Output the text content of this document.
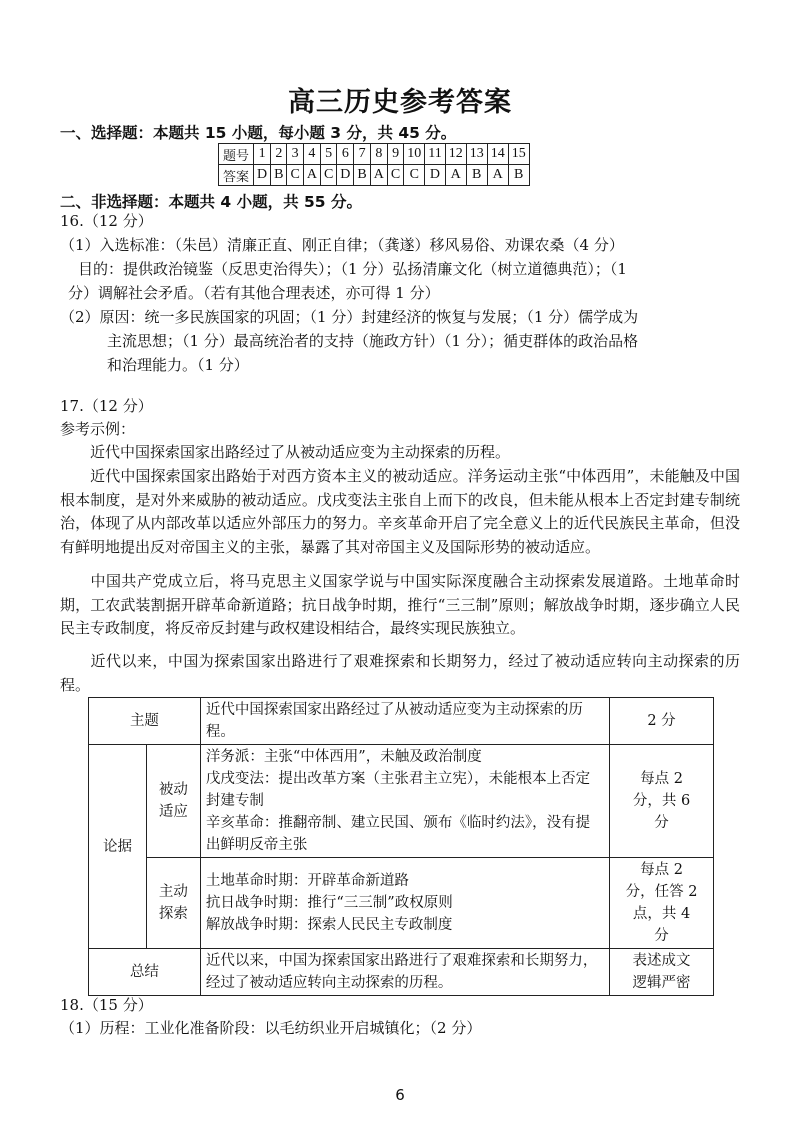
高三历史参考答案
一、选择题：本题共 15 小题，每小题 3 分，共 45 分。
题号	1	2	3	4	5	6	7	8	9	10	11	12	13	14	15
答案	D	B	C	A	C	D	B	A	C	C	D	A	B	A	B
二、非选择题：本题共 4 小题，共 55 分。
16.（12 分）
（1）入选标准：（朱邑）清廉正直、刚正自律；（龚遂）移风易俗、劝课农桑（4 分）
目的：提供政治镜鉴（反思吏治得失）；（1 分）弘扬清廉文化（树立道德典范）；（1
分）调解社会矛盾。（若有其他合理表述，亦可得 1 分）
（2）原因：统一多民族国家的巩固；（1 分）封建经济的恢复与发展；（1 分）儒学成为
主流思想；（1 分）最高统治者的支持（施政方针）（1 分）；循吏群体的政治品格
和治理能力。（1 分）
17.（12 分）
参考示例：
近代中国探索国家出路经过了从被动适应变为主动探索的历程。
近代中国探索国家出路始于对西方资本主义的被动适应。洋务运动主张“中体西用”，未能触及中国根本制度，是对外来威胁的被动适应。戊戌变法主张自上而下的改良，但未能从根本上否定封建专制统治，体现了从内部改革以适应外部压力的努力。辛亥革命开启了完全意义上的近代民族民主革命，但没有鲜明地提出反对帝国主义的主张，暴露了其对帝国主义及国际形势的被动适应。
中国共产党成立后，将马克思主义国家学说与中国实际深度融合主动探索发展道路。土地革命时期，工农武装割据开辟革命新道路；抗日战争时期，推行“三三制”原则；解放战争时期，逐步确立人民民主专政制度，将反帝反封建与政权建设相结合，最终实现民族独立。
近代以来，中国为探索国家出路进行了艰难探索和长期努力，经过了被动适应转向主动探索的历程。
主题		近代中国探索国家出路经过了从被动适应变为主动探索的历程。	2 分
论据	被动适应	洋务派：主张“中体西用”，未触及政治制度
戊戌变法：提出改革方案（主张君主立宪），未能根本上否定封建专制
辛亥革命：推翻帝制、建立民国、颁布《临时约法》，没有提出鲜明反帝主张	每点 2 分，共 6 分
	主动探索	土地革命时期：开辟革命新道路
抗日战争时期：推行“三三制”政权原则
解放战争时期：探索人民民主专政制度	每点 2 分，任答 2 点，共 4 分
总结		近代以来，中国为探索国家出路进行了艰难探索和长期努力，经过了被动适应转向主动探索的历程。	表述成文逻辑严密
18.（15 分）
（1）历程：工业化准备阶段：以毛纺织业开启城镇化；（2 分）
6
